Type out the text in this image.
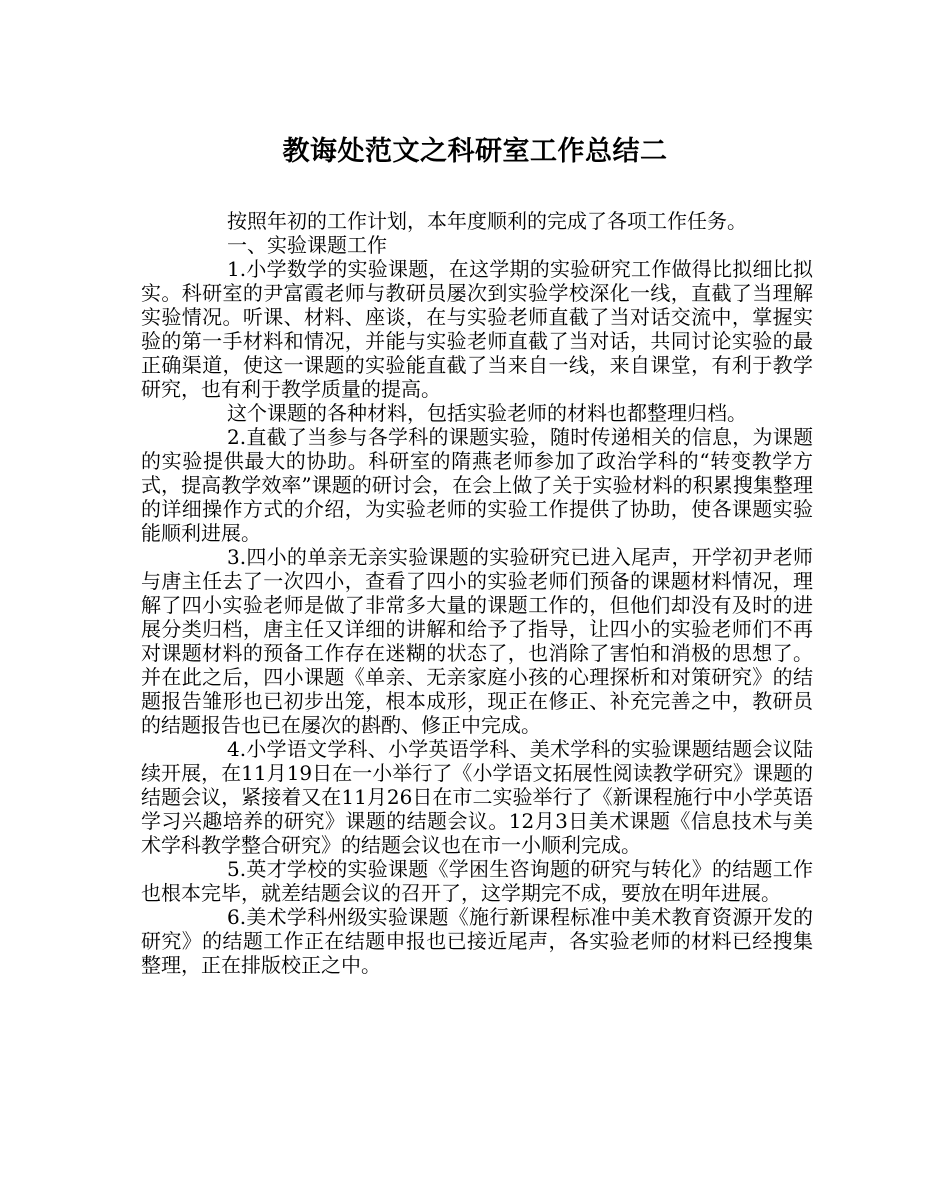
教诲处范文之科研室工作总结二

按照年初的工作计划，本年度顺利的完成了各项工作任务。

一、实验课题工作

1.小学数学的实验课题，在这学期的实验研究工作做得比拟细比拟实。科研室的尹富霞老师与教研员屡次到实验学校深化一线，直截了当理解实验情况。听课、材料、座谈，在与实验老师直截了当对话交流中，掌握实验的第一手材料和情况，并能与实验老师直截了当对话，共同讨论实验的最正确渠道，使这一课题的实验能直截了当来自一线，来自课堂，有利于教学研究，也有利于教学质量的提高。

这个课题的各种材料，包括实验老师的材料也都整理归档。

2.直截了当参与各学科的课题实验，随时传递相关的信息，为课题的实验提供最大的协助。科研室的隋燕老师参加了政治学科的“转变教学方式，提高教学效率”课题的研讨会，在会上做了关于实验材料的积累搜集整理的详细操作方式的介绍，为实验老师的实验工作提供了协助，使各课题实验能顺利进展。

3.四小的单亲无亲实验课题的实验研究已进入尾声，开学初尹老师与唐主任去了一次四小，查看了四小的实验老师们预备的课题材料情况，理解了四小实验老师是做了非常多大量的课题工作的，但他们却没有及时的进展分类归档，唐主任又详细的讲解和给予了指导，让四小的实验老师们不再对课题材料的预备工作存在迷糊的状态了，也消除了害怕和消极的思想了。并在此之后，四小课题《单亲、无亲家庭小孩的心理探析和对策研究》的结题报告雏形也已初步出笼，根本成形，现正在修正、补充完善之中，教研员的结题报告也已在屡次的斟酌、修正中完成。

4.小学语文学科、小学英语学科、美术学科的实验课题结题会议陆续开展，在11月19日在一小举行了《小学语文拓展性阅读教学研究》课题的结题会议，紧接着又在11月26日在市二实验举行了《新课程施行中小学英语学习兴趣培养的研究》课题的结题会议。12月3日美术课题《信息技术与美术学科教学整合研究》的结题会议也在市一小顺利完成。

5.英才学校的实验课题《学困生咨询题的研究与转化》的结题工作也根本完毕，就差结题会议的召开了，这学期完不成，要放在明年进展。

6.美术学科州级实验课题《施行新课程标准中美术教育资源开发的研究》的结题工作正在结题申报也已接近尾声，各实验老师的材料已经搜集整理，正在排版校正之中。
